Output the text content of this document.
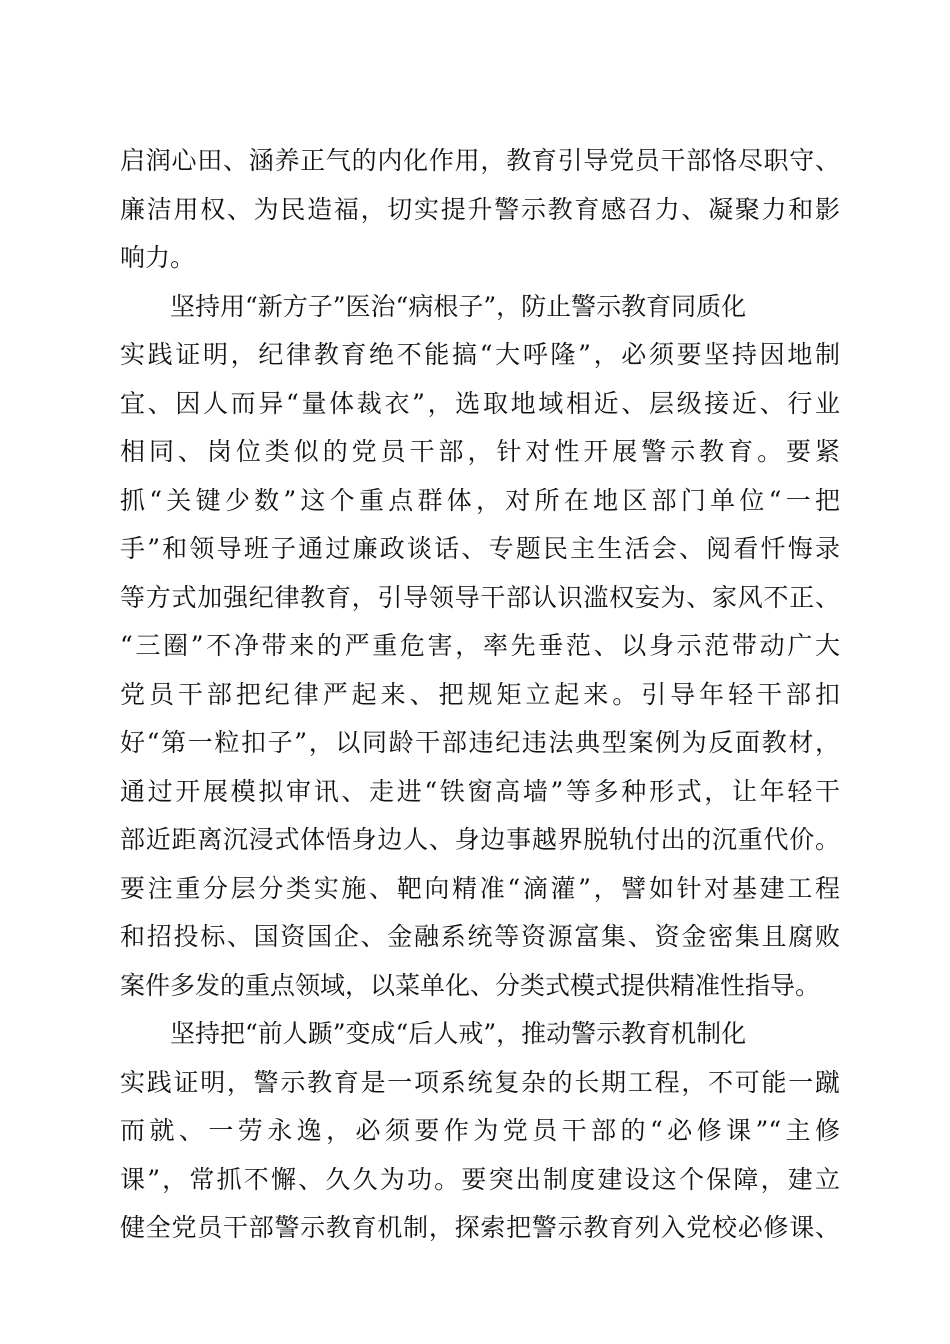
启润心田、涵养正气的内化作用，教育引导党员干部恪尽职守、
廉洁用权、为民造福，切实提升警示教育感召力、凝聚力和影
响力。
坚持用“新方子”医治“病根子”，防止警示教育同质化
实践证明，纪律教育绝不能搞“大呼隆”，必须要坚持因地制
宜、因人而异“量体裁衣”，选取地域相近、层级接近、行业
相同、岗位类似的党员干部，针对性开展警示教育。要紧
抓“关键少数”这个重点群体，对所在地区部门单位“一把
手”和领导班子通过廉政谈话、专题民主生活会、阅看忏悔录
等方式加强纪律教育，引导领导干部认识滥权妄为、家风不正、
“三圈”不净带来的严重危害，率先垂范、以身示范带动广大
党员干部把纪律严起来、把规矩立起来。引导年轻干部扣
好“第一粒扣子”，以同龄干部违纪违法典型案例为反面教材，
通过开展模拟审讯、走进“铁窗高墙”等多种形式，让年轻干
部近距离沉浸式体悟身边人、身边事越界脱轨付出的沉重代价。
要注重分层分类实施、靶向精准“滴灌”，譬如针对基建工程
和招投标、国资国企、金融系统等资源富集、资金密集且腐败
案件多发的重点领域，以菜单化、分类式模式提供精准性指导。
坚持把“前人踬”变成“后人戒”，推动警示教育机制化
实践证明，警示教育是一项系统复杂的长期工程，不可能一蹴
而就、一劳永逸，必须要作为党员干部的“必修课”“主修
课”，常抓不懈、久久为功。要突出制度建设这个保障，建立
健全党员干部警示教育机制，探索把警示教育列入党校必修课、
